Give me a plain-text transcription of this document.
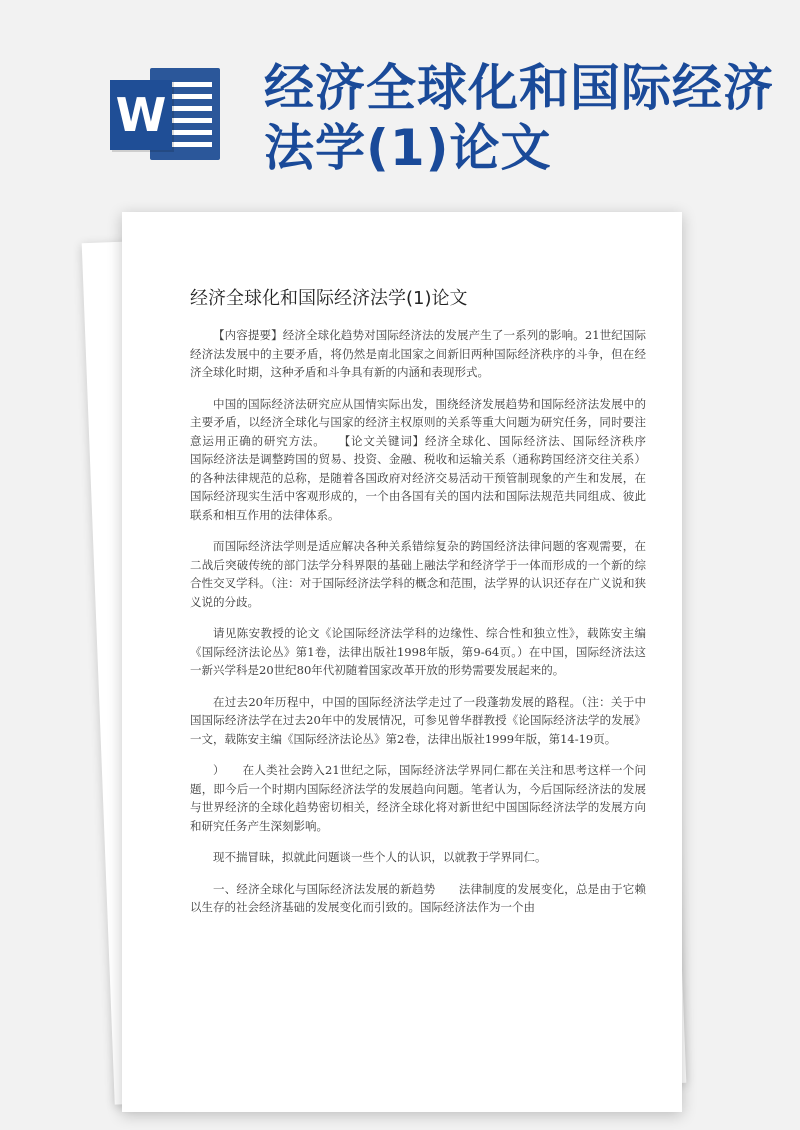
W 经济全球化和国际经济法学(1)论文
经济全球化和国际经济法学(1)论文

【内容提要】经济全球化趋势对国际经济法的发展产生了一系列的影响。21世纪国际经济法发展中的主要矛盾，将仍然是南北国家之间新旧两种国际经济秩序的斗争，但在经济全球化时期，这种矛盾和斗争具有新的内涵和表现形式。

中国的国际经济法研究应从国情实际出发，围绕经济发展趋势和国际经济法发展中的主要矛盾，以经济全球化与国家的经济主权原则的关系等重大问题为研究任务，同时要注意运用正确的研究方法。　　【论文关键词】经济全球化、国际经济法、国际经济秩序　　国际经济法是调整跨国的贸易、投资、金融、税收和运输关系（通称跨国经济交往关系）的各种法律规范的总称，是随着各国政府对经济交易活动干预管制现象的产生和发展，在国际经济现实生活中客观形成的，一个由各国有关的国内法和国际法规范共同组成、彼此联系和相互作用的法律体系。

而国际经济法学则是适应解决各种关系错综复杂的跨国经济法律问题的客观需要，在二战后突破传统的部门法学分科界限的基础上融法学和经济学于一体而形成的一个新的综合性交叉学科。（注：对于国际经济法学科的概念和范围，法学界的认识还存在广义说和狭义说的分歧。

请见陈安教授的论文《论国际经济法学科的边缘性、综合性和独立性》，载陈安主编《国际经济法论丛》第1卷，法律出版社1998年版，第9-64页。）在中国，国际经济法这一新兴学科是20世纪80年代初随着国家改革开放的形势需要发展起来的。

在过去20年历程中，中国的国际经济法学走过了一段蓬勃发展的路程。（注：关于中国国际经济法学在过去20年中的发展情况，可参见曾华群教授《论国际经济法学的发展》一文，载陈安主编《国际经济法论丛》第2卷，法律出版社1999年版，第14-19页。

）　　在人类社会跨入21世纪之际，国际经济法学界同仁都在关注和思考这样一个问题，即今后一个时期内国际经济法学的发展趋向问题。笔者认为，今后国际经济法的发展与世界经济的全球化趋势密切相关，经济全球化将对新世纪中国国际经济法学的发展方向和研究任务产生深刻影响。

现不揣冒昧，拟就此问题谈一些个人的认识，以就教于学界同仁。

一、经济全球化与国际经济法发展的新趋势　　法律制度的发展变化，总是由于它赖以生存的社会经济基础的发展变化而引致的。国际经济法作为一个由
